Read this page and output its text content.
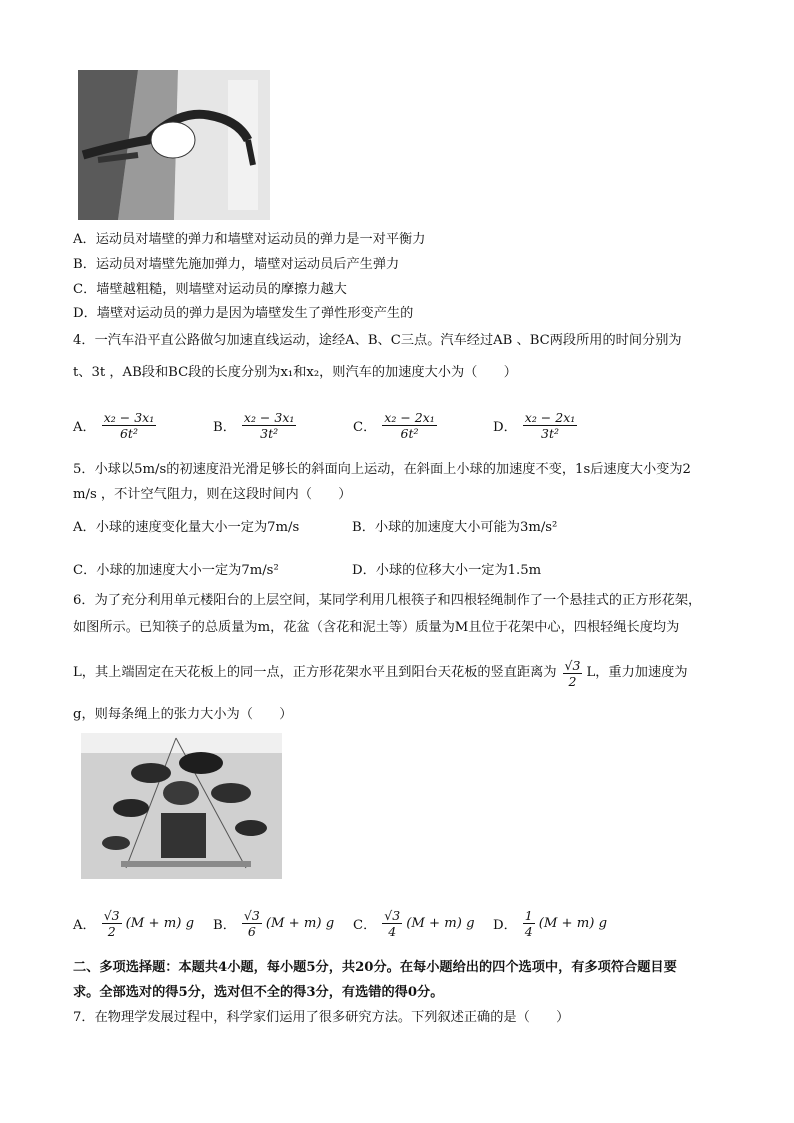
A．运动员对墙壁的弹力和墙壁对运动员的弹力是一对平衡力
B．运动员对墙壁先施加弹力，墙壁对运动员后产生弹力
C．墙壁越粗糙，则墙壁对运动员的摩擦力越大
D．墙壁对运动员的弹力是因为墙壁发生了弹性形变产生的
4．一汽车沿平直公路做匀加速直线运动，途经A、B、C三点。汽车经过AB 、BC两段所用的时间分别为
t、3t ，AB段和BC段的长度分别为x₁和x₂，则汽车的加速度大小为（　　）
A． $\frac{\text{x₂ − 3x₁}}{\text{6t²}}$	B． $\frac{\text{x₂ − 3x₁}}{\text{3t²}}$	C． $\frac{\text{x₂ − 2x₁}}{\text{6t²}}$	D． $\frac{\text{x₂ − 2x₁}}{\text{3t²}}$
5．小球以5m/s的初速度沿光滑足够长的斜面向上运动，在斜面上小球的加速度不变，1s后速度大小变为2
m/s ，不计空气阻力，则在这段时间内（　　）
A．小球的速度变化量大小一定为7m/s	B．小球的加速度大小可能为3m/s²
C．小球的加速度大小一定为7m/s²	D．小球的位移大小一定为1.5m
6．为了充分利用单元楼阳台的上层空间，某同学利用几根筷子和四根轻绳制作了一个悬挂式的正方形花架，
如图所示。已知筷子的总质量为m，花盆（含花和泥土等）质量为M且位于花架中心，四根轻绳长度均为
L，其上端固定在天花板上的同一点，正方形花架水平且到阳台天花板的竖直距离为 $\frac{√3}{2}$ L，重力加速度为
g，则每条绳上的张力大小为（　　）
A． $\frac{√3}{2} (M + m)$ g B． $\frac{√3}{6} (M + m)$ g C． $\frac{√3}{4} (M + m)$ g D． $\frac{1}{4} (M + m)$ g
二、多项选择题：本题共4小题，每小题5分，共20分。在每小题给出的四个选项中，有多项符合题目要
求。全部选对的得5分，选对但不全的得3分，有选错的得0分。
7．在物理学发展过程中，科学家们运用了很多研究方法。下列叙述正确的是（　　）
